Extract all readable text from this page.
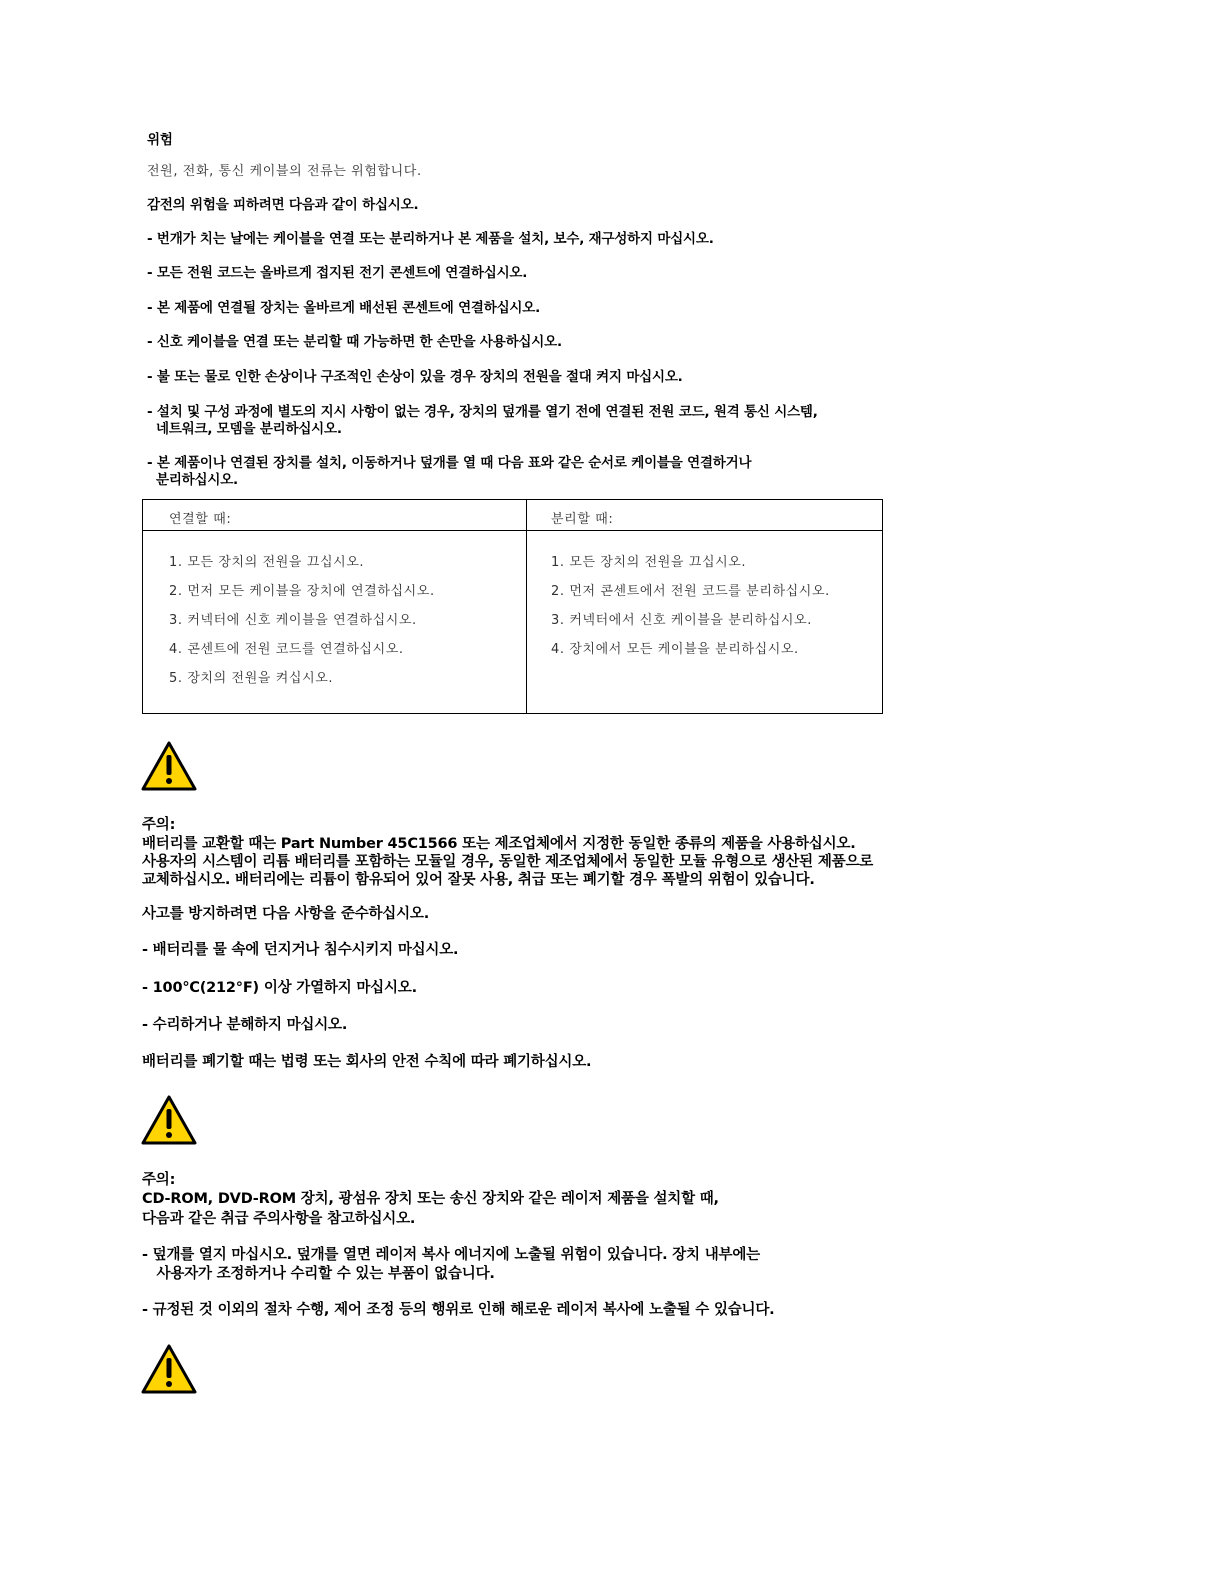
위험
전원, 전화, 통신 케이블의 전류는 위험합니다.
감전의 위험을 피하려면 다음과 같이 하십시오.
- 번개가 치는 날에는 케이블을 연결 또는 분리하거나 본 제품을 설치, 보수, 재구성하지 마십시오.
- 모든 전원 코드는 올바르게 접지된 전기 콘센트에 연결하십시오.
- 본 제품에 연결될 장치는 올바르게 배선된 콘센트에 연결하십시오.
- 신호 케이블을 연결 또는 분리할 때 가능하면 한 손만을 사용하십시오.
- 불 또는 물로 인한 손상이나 구조적인 손상이 있을 경우 장치의 전원을 절대 켜지 마십시오.
- 설치 및 구성 과정에 별도의 지시 사항이 없는 경우, 장치의 덮개를 열기 전에 연결된 전원 코드, 원격 통신 시스템,
네트워크, 모뎀을 분리하십시오.
- 본 제품이나 연결된 장치를 설치, 이동하거나 덮개를 열 때 다음 표와 같은 순서로 케이블을 연결하거나
분리하십시오.
연결할 때:	분리할 때:
1. 모든 장치의 전원을 끄십시오.
2. 먼저 모든 케이블을 장치에 연결하십시오.
3. 커넥터에 신호 케이블을 연결하십시오.
4. 콘센트에 전원 코드를 연결하십시오.
5. 장치의 전원을 켜십시오.
1. 모든 장치의 전원을 끄십시오.
2. 먼저 콘센트에서 전원 코드를 분리하십시오.
3. 커넥터에서 신호 케이블을 분리하십시오.
4. 장치에서 모든 케이블을 분리하십시오.
주의:
배터리를 교환할 때는 Part Number 45C1566 또는 제조업체에서 지정한 동일한 종류의 제품을 사용하십시오.
사용자의 시스템이 리튬 배터리를 포함하는 모듈일 경우, 동일한 제조업체에서 동일한 모듈 유형으로 생산된 제품으로
교체하십시오. 배터리에는 리튬이 함유되어 있어 잘못 사용, 취급 또는 폐기할 경우 폭발의 위험이 있습니다.
사고를 방지하려면 다음 사항을 준수하십시오.
- 배터리를 물 속에 던지거나 침수시키지 마십시오.
- 100℃(212°F) 이상 가열하지 마십시오.
- 수리하거나 분해하지 마십시오.
배터리를 폐기할 때는 법령 또는 회사의 안전 수칙에 따라 폐기하십시오.
주의:
CD-ROM, DVD-ROM 장치, 광섬유 장치 또는 송신 장치와 같은 레이저 제품을 설치할 때,
다음과 같은 취급 주의사항을 참고하십시오.
- 덮개를 열지 마십시오. 덮개를 열면 레이저 복사 에너지에 노출될 위험이 있습니다. 장치 내부에는
사용자가 조정하거나 수리할 수 있는 부품이 없습니다.
- 규정된 것 이외의 절차 수행, 제어 조정 등의 행위로 인해 해로운 레이저 복사에 노출될 수 있습니다.
